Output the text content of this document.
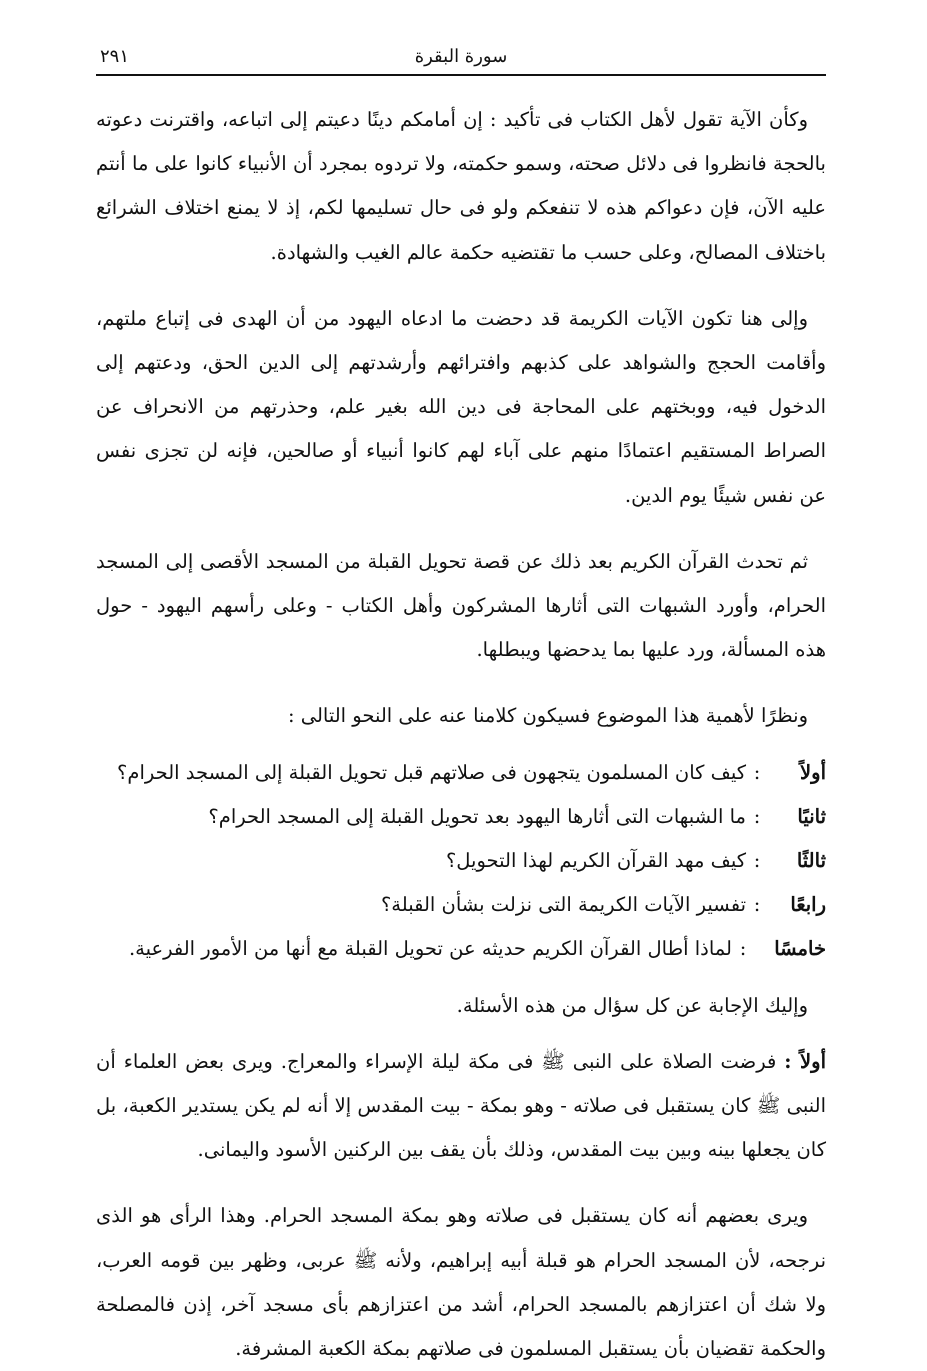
سورة البقرة
٢٩١

وكأن الآية تقول لأهل الكتاب فى تأكيد : إن أمامكم دينًا دعيتم إلى اتباعه، واقترنت دعوته بالحجة فانظروا فى دلائل صحته، وسمو حكمته، ولا تردوه بمجرد أن الأنبياء كانوا على ما أنتم عليه الآن، فإن دعواكم هذه لا تنفعكم ولو فى حال تسليمها لكم، إذ لا يمنع اختلاف الشرائع باختلاف المصالح، وعلى حسب ما تقتضيه حكمة عالم الغيب والشهادة.

وإلى هنا تكون الآيات الكريمة قد دحضت ما ادعاه اليهود من أن الهدى فى إتباع ملتهم، وأقامت الحجج والشواهد على كذبهم وافترائهم وأرشدتهم إلى الدين الحق، ودعتهم إلى الدخول فيه، ووبختهم على المحاجة فى دين الله بغير علم، وحذرتهم من الانحراف عن الصراط المستقيم اعتمادًا منهم على آباء لهم كانوا أنبياء أو صالحين، فإنه لن تجزى نفس عن نفس شيئًا يوم الدين.

ثم تحدث القرآن الكريم بعد ذلك عن قصة تحويل القبلة من المسجد الأقصى إلى المسجد الحرام، وأورد الشبهات التى أثارها المشركون وأهل الكتاب - وعلى رأسهم اليهود - حول هذه المسألة، ورد عليها بما يدحضها ويبطلها.

ونظرًا لأهمية هذا الموضوع فسيكون كلامنا عنه على النحو التالى :

أولاً
:
كيف كان المسلمون يتجهون فى صلاتهم قبل تحويل القبلة إلى المسجد الحرام؟
ثانيًا
:
ما الشبهات التى أثارها اليهود بعد تحويل القبلة إلى المسجد الحرام؟
ثالثًا
:
كيف مهد القرآن الكريم لهذا التحويل؟
رابعًا
:
تفسير الآيات الكريمة التى نزلت بشأن القبلة؟
خامسًا
:
لماذا أطال القرآن الكريم حديثه عن تحويل القبلة مع أنها من الأمور الفرعية.

وإليك الإجابة عن كل سؤال من هذه الأسئلة.

أولاً : فرضت الصلاة على النبى ﷺ فى مكة ليلة الإسراء والمعراج. ويرى بعض العلماء أن النبى ﷺ كان يستقبل فى صلاته - وهو بمكة - بيت المقدس إلا أنه لم يكن يستدير الكعبة، بل كان يجعلها بينه وبين بيت المقدس، وذلك بأن يقف بين الركنين الأسود واليمانى.

ويرى بعضهم أنه كان يستقبل فى صلاته وهو بمكة المسجد الحرام. وهذا الرأى هو الذى نرجحه، لأن المسجد الحرام هو قبلة أبيه إبراهيم، ولأنه ﷺ عربى، وظهر بين قومه العرب، ولا شك أن اعتزازهم بالمسجد الحرام، أشد من اعتزازهم بأى مسجد آخر، إذن فالمصلحة والحكمة تقضيان بأن يستقبل المسلمون فى صلاتهم بمكة الكعبة المشرفة.
